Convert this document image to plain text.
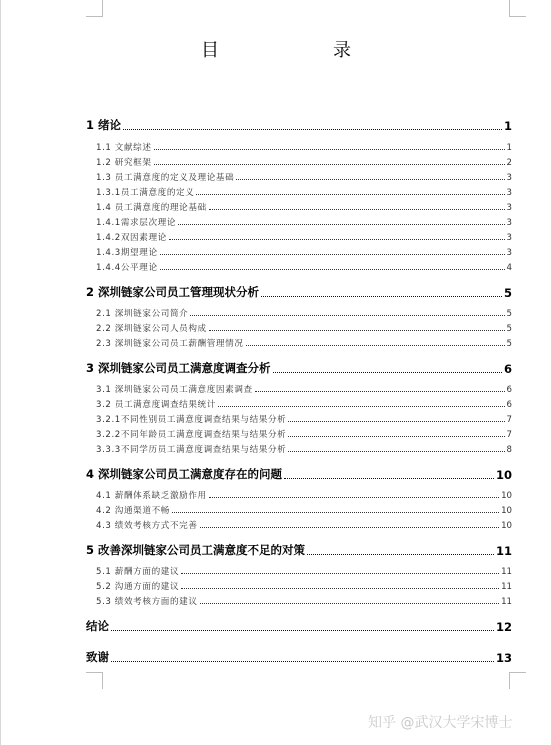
目　　录
1 绪论	1
1.1 文献综述	1
1.2 研究框架	2
1.3 员工满意度的定义及理论基础	3
1.3.1员工满意度的定义	3
1.4 员工满意度的理论基础	3
1.4.1需求层次理论	3
1.4.2双因素理论	3
1.4.3期望理论	3
1.4.4公平理论	4
2 深圳链家公司员工管理现状分析	5
2.1 深圳链家公司简介	5
2.2 深圳链家公司人员构成	5
2.3 深圳链家公司员工薪酬管理情况	5
3 深圳链家公司员工满意度调查分析	6
3.1 深圳链家公司员工满意度因素调查	6
3.2 员工满意度调查结果统计	6
3.2.1不同性别员工满意度调查结果与结果分析	7
3.2.2不同年龄员工满意度调查结果与结果分析	7
3.3.3不同学历员工满意度调查结果与结果分析	8
4 深圳链家公司员工满意度存在的问题	10
4.1 薪酬体系缺乏激励作用	10
4.2 沟通渠道不畅	10
4.3 绩效考核方式不完善	10
5 改善深圳链家公司员工满意度不足的对策	11
5.1 薪酬方面的建议	11
5.2 沟通方面的建议	11
5.3 绩效考核方面的建议	11
结论	12
致谢	13
知乎 @武汉大学宋博士
